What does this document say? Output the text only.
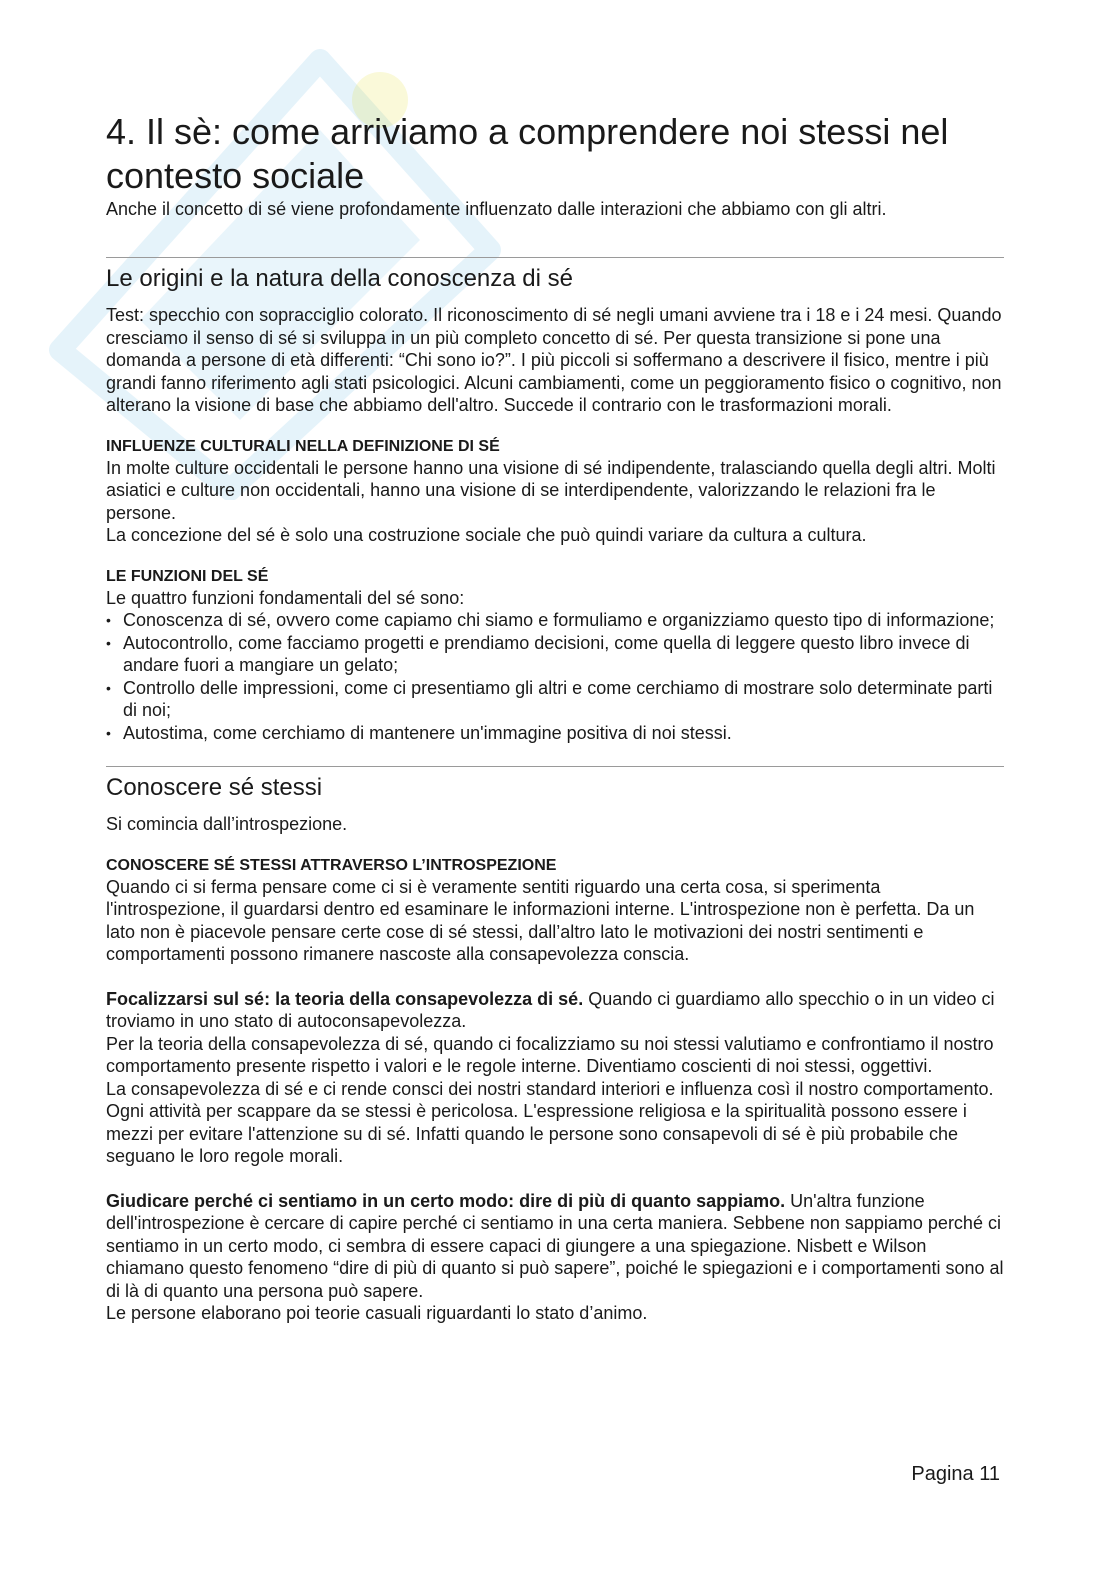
4. Il sè: come arriviamo a comprendere noi stessi nel contesto sociale

Anche il concetto di sé viene profondamente influenzato dalle interazioni che abbiamo con gli altri.

Le origini e la natura della conoscenza di sé

Test: specchio con sopracciglio colorato. Il riconoscimento di sé negli umani avviene tra i 18 e i 24 mesi. Quando cresciamo il senso di sé si sviluppa in un più completo concetto di sé. Per questa transizione si pone una domanda a persone di età differenti: “Chi sono io?”. I più piccoli si soffermano a descrivere il fisico, mentre i più grandi fanno riferimento agli stati psicologici. Alcuni cambiamenti, come un peggioramento fisico o cognitivo, non alterano la visione di base che abbiamo dell'altro. Succede il contrario con le trasformazioni morali.

INFLUENZE CULTURALI NELLA DEFINIZIONE DI SÉ

In molte culture occidentali le persone hanno una visione di sé indipendente, tralasciando quella degli altri. Molti asiatici e culture non occidentali, hanno una visione di se interdipendente, valorizzando le relazioni fra le persone.

La concezione del sé è solo una costruzione sociale che può quindi variare da cultura a cultura.

LE FUNZIONI DEL SÉ

Le quattro funzioni fondamentali del sé sono:

• Conoscenza di sé, ovvero come capiamo chi siamo e formuliamo e organizziamo questo tipo di informazione;
• Autocontrollo, come facciamo progetti e prendiamo decisioni, come quella di leggere questo libro invece di andare fuori a mangiare un gelato;
• Controllo delle impressioni, come ci presentiamo gli altri e come cerchiamo di mostrare solo determinate parti di noi;
• Autostima, come cerchiamo di mantenere un'immagine positiva di noi stessi.
Conoscere sé stessi

Si comincia dall’introspezione.

CONOSCERE SÉ STESSI ATTRAVERSO L’INTROSPEZIONE

Quando ci si ferma pensare come ci si è veramente sentiti riguardo una certa cosa, si sperimenta l'introspezione, il guardarsi dentro ed esaminare le informazioni interne. L'introspezione non è perfetta. Da un lato non è piacevole pensare certe cose di sé stessi, dall’altro lato le motivazioni dei nostri sentimenti e comportamenti possono rimanere nascoste alla consapevolezza conscia.

Focalizzarsi sul sé: la teoria della consapevolezza di sé. Quando ci guardiamo allo specchio o in un video ci troviamo in uno stato di autoconsapevolezza.

Per la teoria della consapevolezza di sé, quando ci focalizziamo su noi stessi valutiamo e confrontiamo il nostro comportamento presente rispetto i valori e le regole interne. Diventiamo coscienti di noi stessi, oggettivi.

La consapevolezza di sé e ci rende consci dei nostri standard interiori e influenza così il nostro comportamento.

Ogni attività per scappare da se stessi è pericolosa. L'espressione religiosa e la spiritualità possono essere i mezzi per evitare l'attenzione su di sé. Infatti quando le persone sono consapevoli di sé è più probabile che seguano le loro regole morali.

Giudicare perché ci sentiamo in un certo modo: dire di più di quanto sappiamo. Un'altra funzione dell'introspezione è cercare di capire perché ci sentiamo in una certa maniera. Sebbene non sappiamo perché ci sentiamo in un certo modo, ci sembra di essere capaci di giungere a una spiegazione. Nisbett e Wilson chiamano questo fenomeno “dire di più di quanto si può sapere”, poiché le spiegazioni e i comportamenti sono al di là di quanto una persona può sapere.

Le persone elaborano poi teorie casuali riguardanti lo stato d’animo.

Pagina 11
